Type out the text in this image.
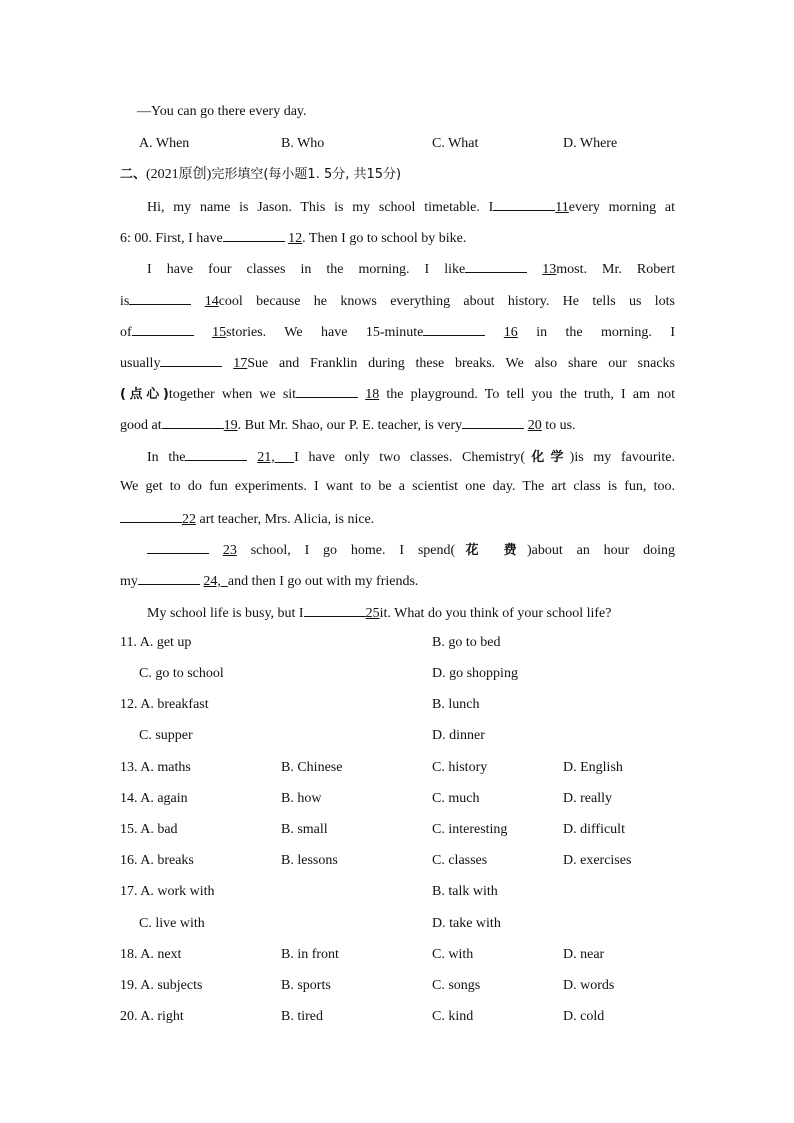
—You can go there every day.
A. When	B. Who	C. What	D. Where
二、(2021原创)完形填空(每小题1. 5分, 共15分)
Hi, my name is Jason. This is my school timetable. I	11every morning at
6: 00. First, I have	12. Then I go to school by bike.
I have four classes in the morning. I like	13most. Mr. Robert
is	14cool because he knows everything about history. He tells us lots
of	15stories. We have 15-minute	16 in the morning. I
usually	17Sue and Franklin during these breaks. We also share our snacks
(点心)together when we sit	18 the playground. To tell you the truth, I am not
good at	19. But Mr. Shao, our P. E. teacher, is very	20 to us.
In the	21, I have only two classes. Chemistry(化学)is my favourite.
We get to do fun experiments. I want to be a scientist one day. The art class is fun, too.
22 art teacher, Mrs. Alicia, is nice.
23 school, I go home. I spend(花 费)about an hour doing
my	24, and then I go out with my friends.
My school life is busy, but I	25it. What do you think of your school life?
11. A. get up	B. go to bed
C. go to school	D. go shopping
12. A. breakfast	B. lunch
C. supper	D. dinner
13. A. maths	B. Chinese	C. history	D. English
14. A. again	B. how	C. much	D. really
15. A. bad	B. small	C. interesting	D. difficult
16. A. breaks	B. lessons	C. classes	D. exercises
17. A. work with	B. talk with
C. live with	D. take with
18. A. next	B. in front	C. with	D. near
19. A. subjects	B. sports	C. songs	D. words
20. A. right	B. tired	C. kind	D. cold
